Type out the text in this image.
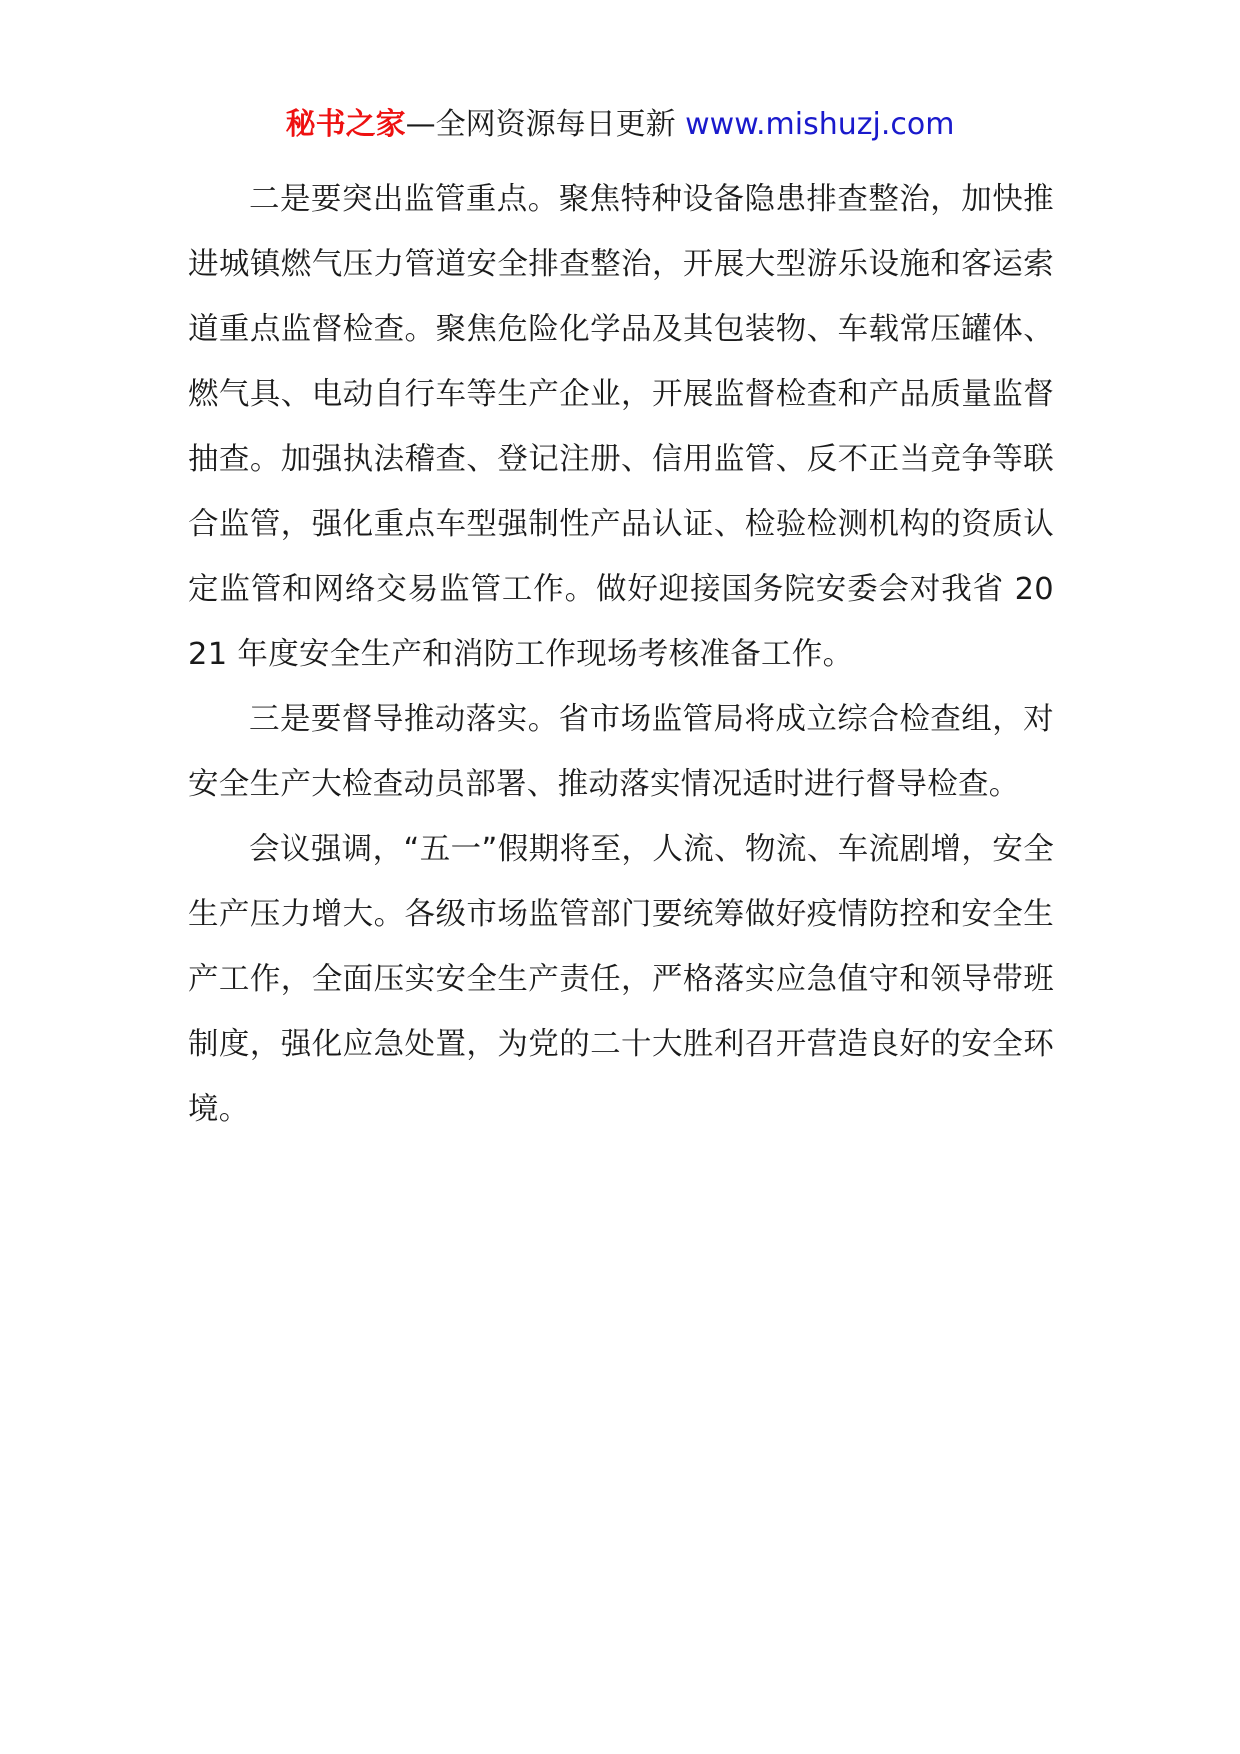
秘书之家—全网资源每日更新 www.mishuzj.com

二是要突出监管重点。聚焦特种设备隐患排查整治，加快推进城镇燃气压力管道安全排查整治，开展大型游乐设施和客运索道重点监督检查。聚焦危险化学品及其包装物、车载常压罐体、燃气具、电动自行车等生产企业，开展监督检查和产品质量监督抽查。加强执法稽查、登记注册、信用监管、反不正当竞争等联合监管，强化重点车型强制性产品认证、检验检测机构的资质认定监管和网络交易监管工作。做好迎接国务院安委会对我省 2021 年度安全生产和消防工作现场考核准备工作。

三是要督导推动落实。省市场监管局将成立综合检查组，对安全生产大检查动员部署、推动落实情况适时进行督导检查。

会议强调，“五一”假期将至，人流、物流、车流剧增，安全生产压力增大。各级市场监管部门要统筹做好疫情防控和安全生产工作，全面压实安全生产责任，严格落实应急值守和领导带班制度，强化应急处置，为党的二十大胜利召开营造良好的安全环境。
